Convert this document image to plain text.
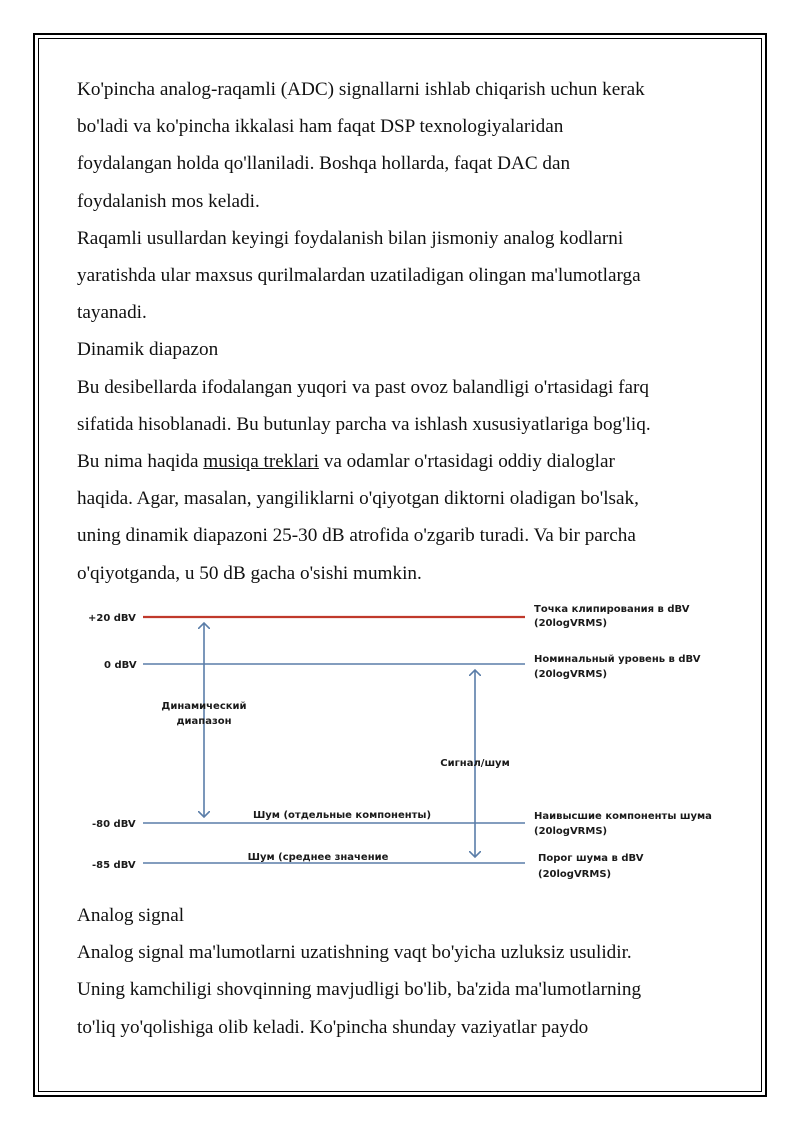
Ko'pincha analog-raqamli (ADC) signallarni ishlab chiqarish uchun kerak

bo'ladi va ko'pincha ikkalasi ham faqat DSP texnologiyalaridan

foydalangan holda qo'llaniladi. Boshqa hollarda, faqat DAC dan

foydalanish mos keladi.

Raqamli usullardan keyingi foydalanish bilan jismoniy analog kodlarni

yaratishda ular maxsus qurilmalardan uzatiladigan olingan ma'lumotlarga

tayanadi.

Dinamik diapazon

Bu desibellarda ifodalangan yuqori va past ovoz balandligi o'rtasidagi farq

sifatida hisoblanadi. Bu butunlay parcha va ishlash xususiyatlariga bog'liq.

Bu nima haqida musiqa treklari va odamlar o'rtasidagi oddiy dialoglar

haqida. Agar, masalan, yangiliklarni o'qiyotgan diktorni oladigan bo'lsak,

uning dinamik diapazoni 25-30 dB atrofida o'zgarib turadi. Va bir parcha

o'qiyotganda, u 50 dB gacha o'sishi mumkin.

+20 dBV
0 dBV
-80 dBV
-85 dBV
Динамический
диапазон
Сигнал/шум
Шум (отдельные компоненты)
Шум (среднее значение
Точка клипирования в dBV
(20logVRMS)
Номинальный уровень в dBV
(20logVRMS)
Наивысшие компоненты шума
(20logVRMS)
Порог шума в dBV
(20logVRMS)

Analog signal

Analog signal ma'lumotlarni uzatishning vaqt bo'yicha uzluksiz usulidir.

Uning kamchiligi shovqinning mavjudligi bo'lib, ba'zida ma'lumotlarning

to'liq yo'qolishiga olib keladi. Ko'pincha shunday vaziyatlar paydo
